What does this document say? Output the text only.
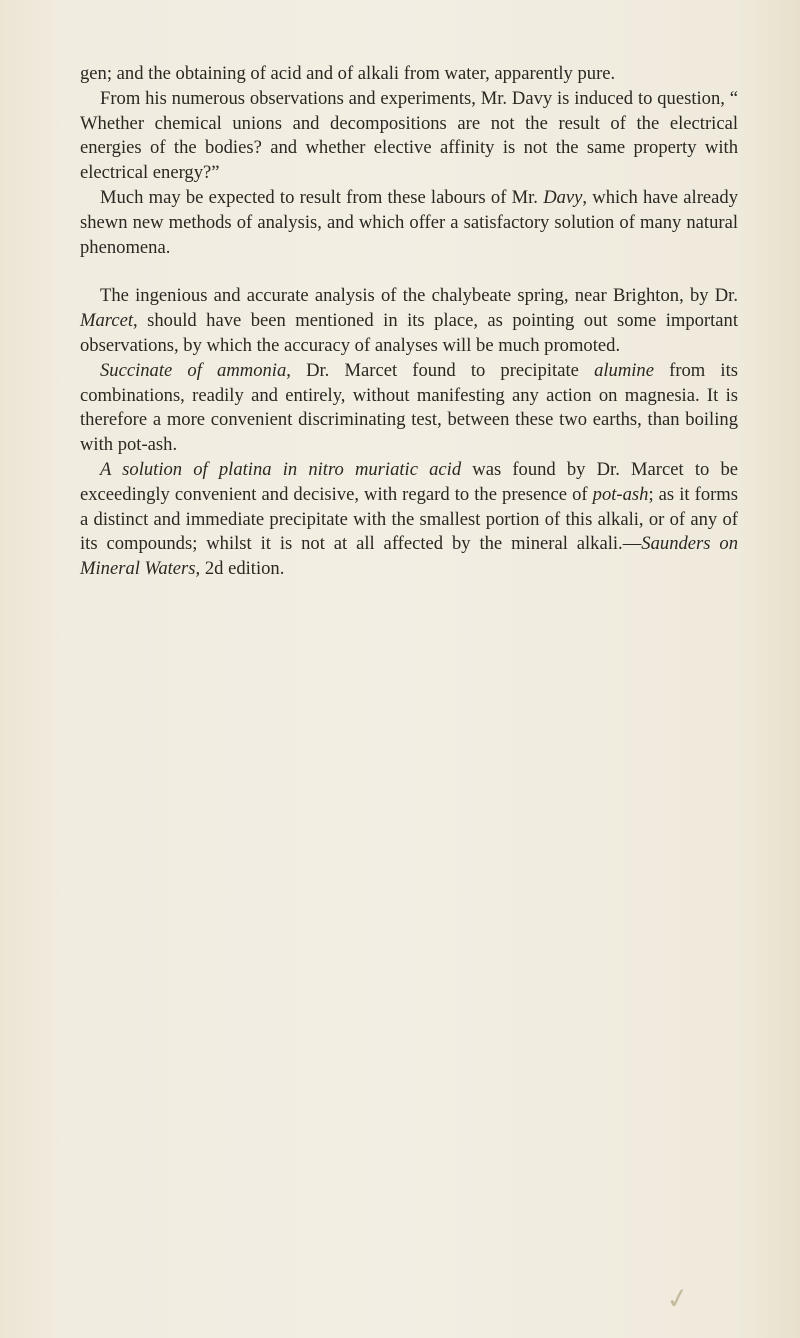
gen; and the obtaining of acid and of alkali from water, apparently pure.

From his numerous observations and experiments, Mr. Davy is induced to question, “ Whether chemical unions and decompositions are not the result of the electrical energies of the bodies? and whether elective affinity is not the same property with electrical energy?”

Much may be expected to result from these labours of Mr. Davy, which have already shewn new methods of analysis, and which offer a satisfactory solution of many natural phenomena.

The ingenious and accurate analysis of the chalybeate spring, near Brighton, by Dr. Marcet, should have been mentioned in its place, as pointing out some important observations, by which the accuracy of analyses will be much promoted.

Succinate of ammonia, Dr. Marcet found to precipitate alumine from its combinations, readily and entirely, without manifesting any action on magnesia. It is therefore a more convenient discriminating test, between these two earths, than boiling with pot-ash.

A solution of platina in nitro muriatic acid was found by Dr. Marcet to be exceedingly convenient and decisive, with regard to the presence of pot-ash; as it forms a distinct and immediate precipitate with the smallest portion of this alkali, or of any of its compounds; whilst it is not at all affected by the mineral alkali.—Saunders on Mineral Waters, 2d edition.

✓
